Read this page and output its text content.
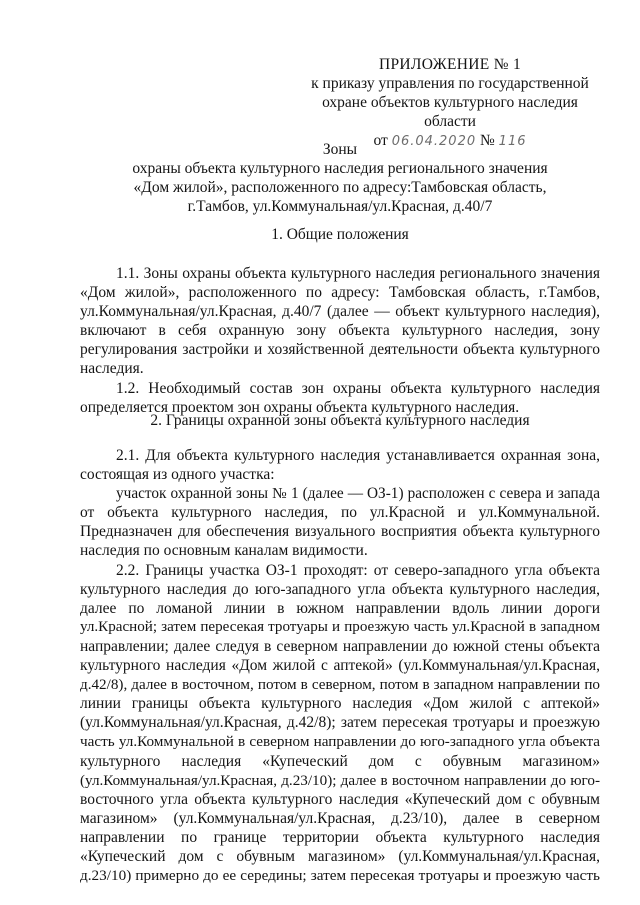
ПРИЛОЖЕНИЕ № 1
к приказу управления по государственной
охране объектов культурного наследия области
от 06.04.2020 № 116
Зоны
охраны объекта культурного наследия регионального значения
«Дом жилой», расположенного по адресу:Тамбовская область,
г.Тамбов, ул.Коммунальная/ул.Красная, д.40/7
1. Общие положения
1.1. Зоны охраны объекта культурного наследия регионального значения
«Дом жилой», расположенного по адресу: Тамбовская область, г.Тамбов,
ул.Коммунальная/ул.Красная, д.40/7 (далее — объект культурного наследия),
включают в себя охранную зону объекта культурного наследия, зону
регулирования застройки и хозяйственной деятельности объекта культурного
наследия.
1.2. Необходимый состав зон охраны объекта культурного наследия
определяется проектом зон охраны объекта культурного наследия.
2. Границы охранной зоны объекта культурного наследия
2.1. Для объекта культурного наследия устанавливается охранная зона,
состоящая из одного участка:
участок охранной зоны № 1 (далее — ОЗ-1) расположен с севера и запада
от объекта культурного наследия, по ул.Красной и ул.Коммунальной.
Предназначен для обеспечения визуального восприятия объекта культурного
наследия по основным каналам видимости.
2.2. Границы участка ОЗ-1 проходят: от северо-западного угла объекта
культурного наследия до юго-западного угла объекта культурного наследия,
далее по ломаной линии в южном направлении вдоль линии дороги
ул.Красной; затем пересекая тротуары и проезжую часть ул.Красной в западном
направлении; далее следуя в северном направлении до южной стены объекта
культурного наследия «Дом жилой с аптекой» (ул.Коммунальная/ул.Красная,
д.42/8), далее в восточном, потом в северном, потом в западном направлении по
линии границы объекта культурного наследия «Дом жилой с аптекой»
(ул.Коммунальная/ул.Красная, д.42/8); затем пересекая тротуары и проезжую
часть ул.Коммунальной в северном направлении до юго-западного угла объекта
культурного наследия «Купеческий дом с обувным магазином»
(ул.Коммунальная/ул.Красная, д.23/10); далее в восточном направлении до юго-
восточного угла объекта культурного наследия «Купеческий дом с обувным
магазином» (ул.Коммунальная/ул.Красная, д.23/10), далее в северном
направлении по границе территории объекта культурного наследия
«Купеческий дом с обувным магазином» (ул.Коммунальная/ул.Красная,
д.23/10) примерно до ее середины; затем пересекая тротуары и проезжую часть
